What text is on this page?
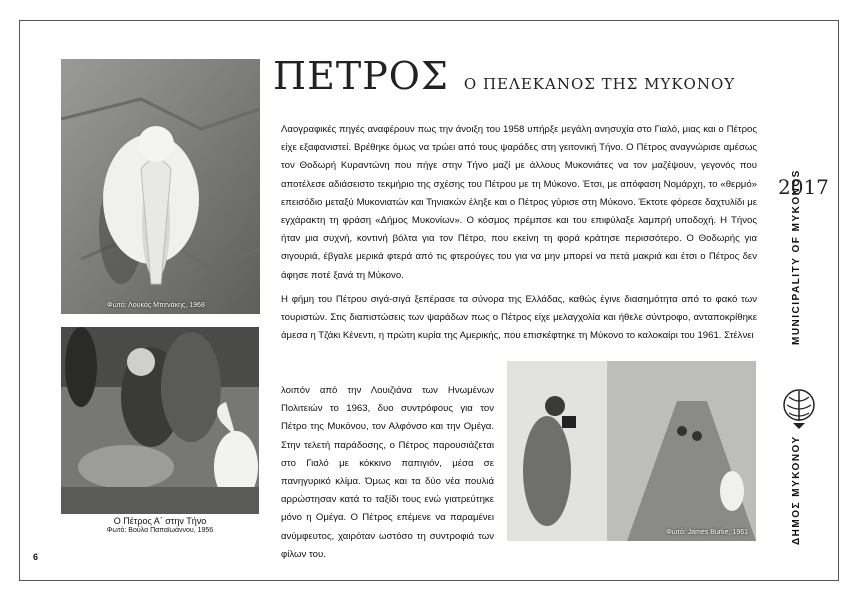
Φωτό: Λουκάς Μπενάκης, 1968
Ο Πέτρος Α΄ στην Τήνο
Φωτό: Βούλα Παπαϊωάννου, 1956	Φωτό: James Burke, 1961
ΠΕΤΡΟΣ Ο ΠΕΛΕΚΑΝΟΣ ΤΗΣ ΜΥΚΟΝΟΥ
Λαογραφικές πηγές αναφέρουν πως την άνοιξη του 1958 υπήρξε μεγάλη ανησυχία στο Γιαλό, μιας και ο Πέτρος είχε εξαφανιστεί. Βρέθηκε όμως να τρώει από τους ψαράδες στη γειτονική Τήνο. Ο Πέτρος αναγνώρισε αμέσως τον Θοδωρή Κυραντώνη που πήγε στην Τήνο μαζί με άλλους Μυκονιάτες να τον μαζέψουν, γεγονός που αποτέλεσε αδιάσειστο τεκμήριο της σχέσης του Πέτρου με τη Μύκονο. Έτσι, με απόφαση Νομάρχη, το «θερμό» επεισόδιο μεταξύ Μυκονιατών και Τηνιακών έληξε και ο Πέτρος γύρισε στη Μύκονο. Έκτοτε φόρεσε δαχτυλίδι με εγχάρακτη τη φράση «Δήμος Μυκονίων». Ο κόσμος πρέμπσε και του επιφύλαξε λαμπρή υποδοχή. Η Τήνος ήταν μια συχνή, κοντινή βόλτα για τον Πέτρο, που εκείνη τη φορά κράτησε περισσότερο. Ο Θοδωρής για σιγουριά, έβγαλε μερικά φτερά από τις φτερούγες του για να μην μπορεί να πετά μακριά και έτσι ο Πέτρος δεν άφησε ποτέ ξανά τη Μύκονο.
Η φήμη του Πέτρου σιγά-σιγά ξεπέρασε τα σύνορα της Ελλάδας, καθώς έγινε διασημότητα από το φακό των τουριστών. Στις διαπιστώσεις των ψαράδων πως ο Πέτρος είχε μελαγχολία και ήθελε σύντροφο, ανταποκρίθηκε άμεσα η Τζάκι Κένεντι, η πρώτη κυρία της Αμερικής, που επισκέφτηκε τη Μύκονο το καλοκαίρι του 1961. Στέλνει
λοιπόν από την Λουιζιάνα των Ηνωμένων Πολιτειών το 1963, δυο συντρόφους για τον Πέτρο της Μυκόνου, τον Αλφόνσο και την Ομέγα. Στην τελετή παράδοσης, ο Πέτρος παρουσιάζεται στο Γιαλό με κόκκινο παπιγιόν, μέσα σε πανηγυρικό κλίμα. Όμως και τα δύο νέα πουλιά αρρώστησαν κατά το ταξίδι τους ενώ γιατρεύτηκε μόνο η Ομέγα. Ο Πέτρος επέμενε να παραμένει ανύμφευτος, χαιρόταν ωστόσο τη συντροφιά των φίλων του.
2017
MUNICIPALITY OF MYKONOS
ΔΗΜΟΣ ΜΥΚΟΝΟΥ
6
